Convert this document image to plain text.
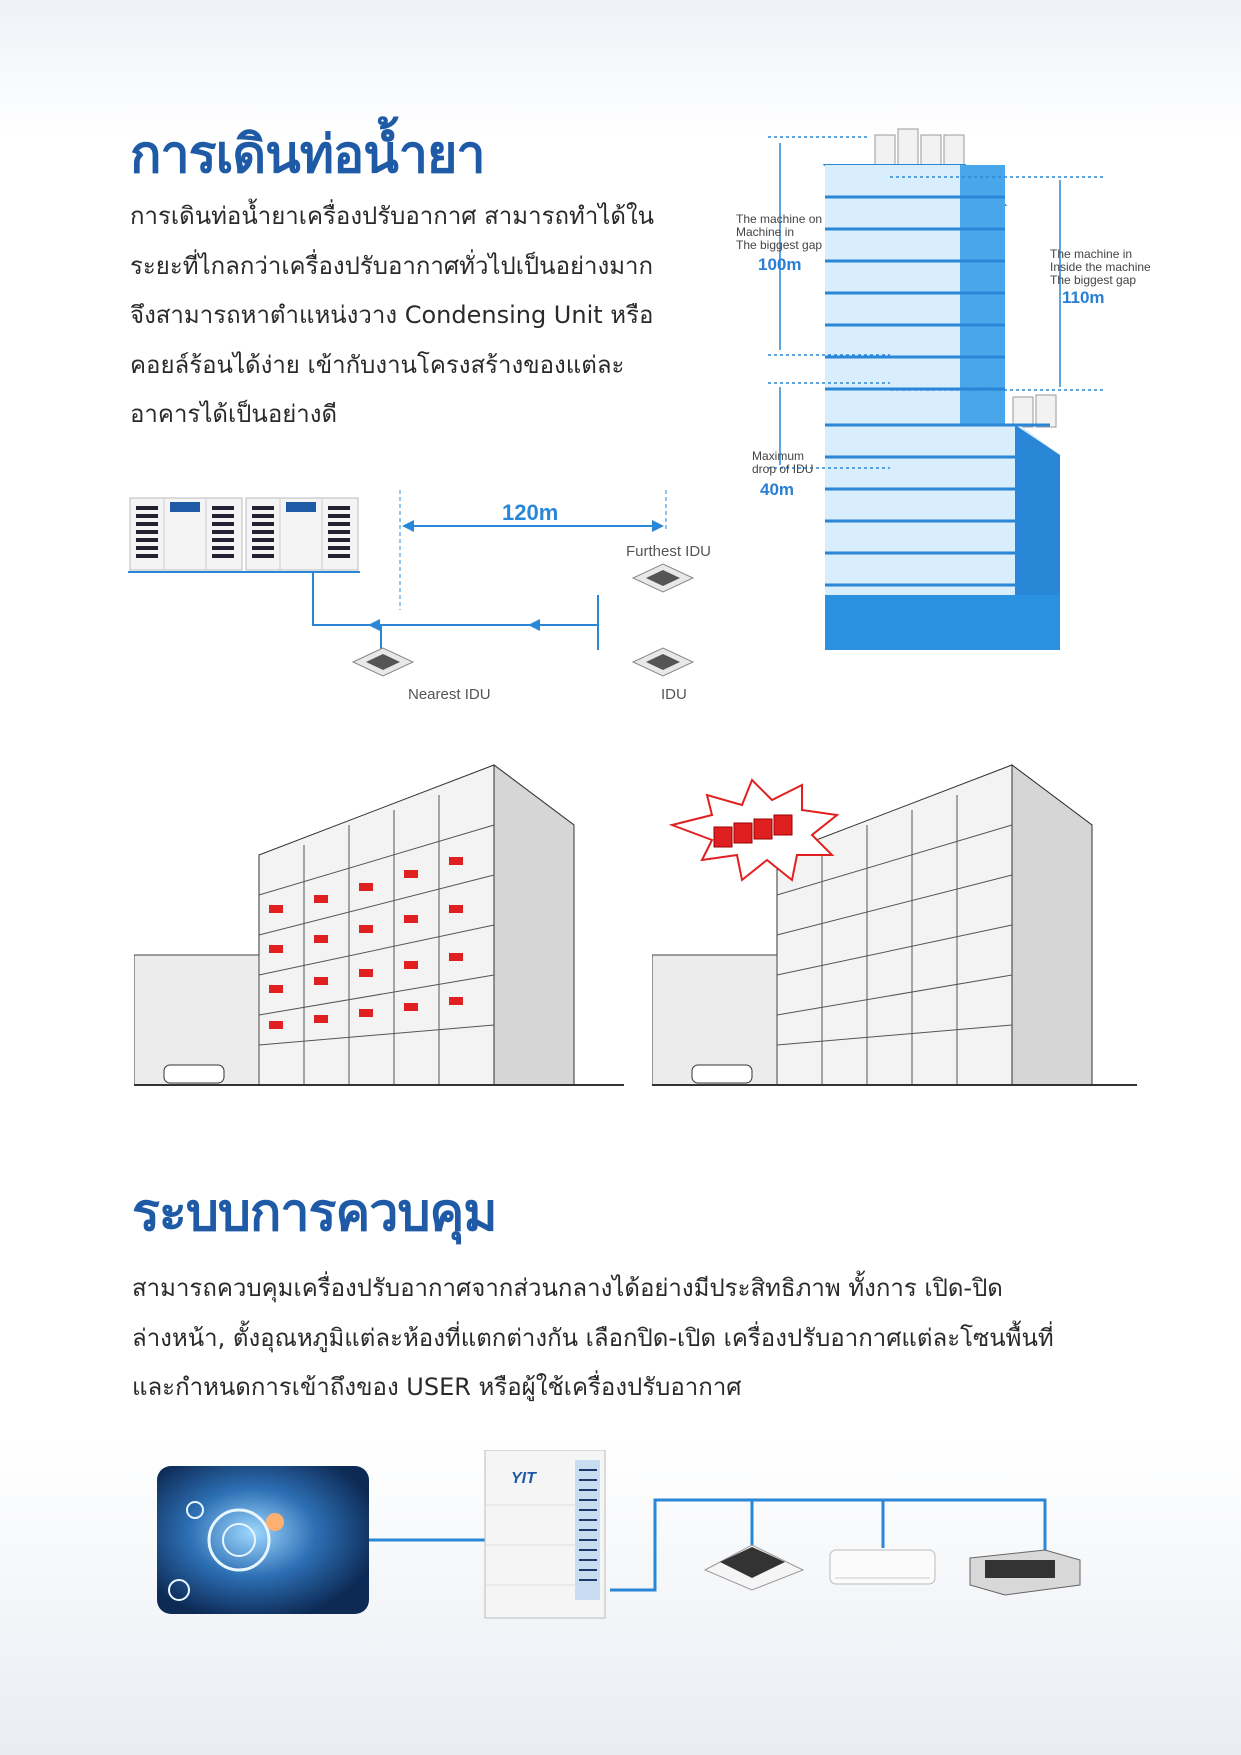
การเดินท่อน้ำยา
การเดินท่อน้ำยาเครื่องปรับอากาศ สามารถทำได้ใน
ระยะที่ไกลกว่าเครื่องปรับอากาศทั่วไปเป็นอย่างมาก
จึงสามารถหาตำแหน่งวาง Condensing Unit หรือ
คอยล์ร้อนได้ง่าย เข้ากับงานโครงสร้างของแต่ละ
อาคารได้เป็นอย่างดี
120m
Furthest IDU
Nearest IDU	IDU
The machine on
Machine in
The biggest gap
100m
The machine in
Inside the machine
The biggest gap
110m
Maximum
drop of IDU
40m
ระบบการควบคุม
สามารถควบคุมเครื่องปรับอากาศจากส่วนกลางได้อย่างมีประสิทธิภาพ ทั้งการ เปิด-ปิด
ล่างหน้า, ตั้งอุณหภูมิแต่ละห้องที่แตกต่างกัน เลือกปิด-เปิด เครื่องปรับอากาศแต่ละโซนพื้นที่
และกำหนดการเข้าถึงของ USER หรือผู้ใช้เครื่องปรับอากาศ
YIT
